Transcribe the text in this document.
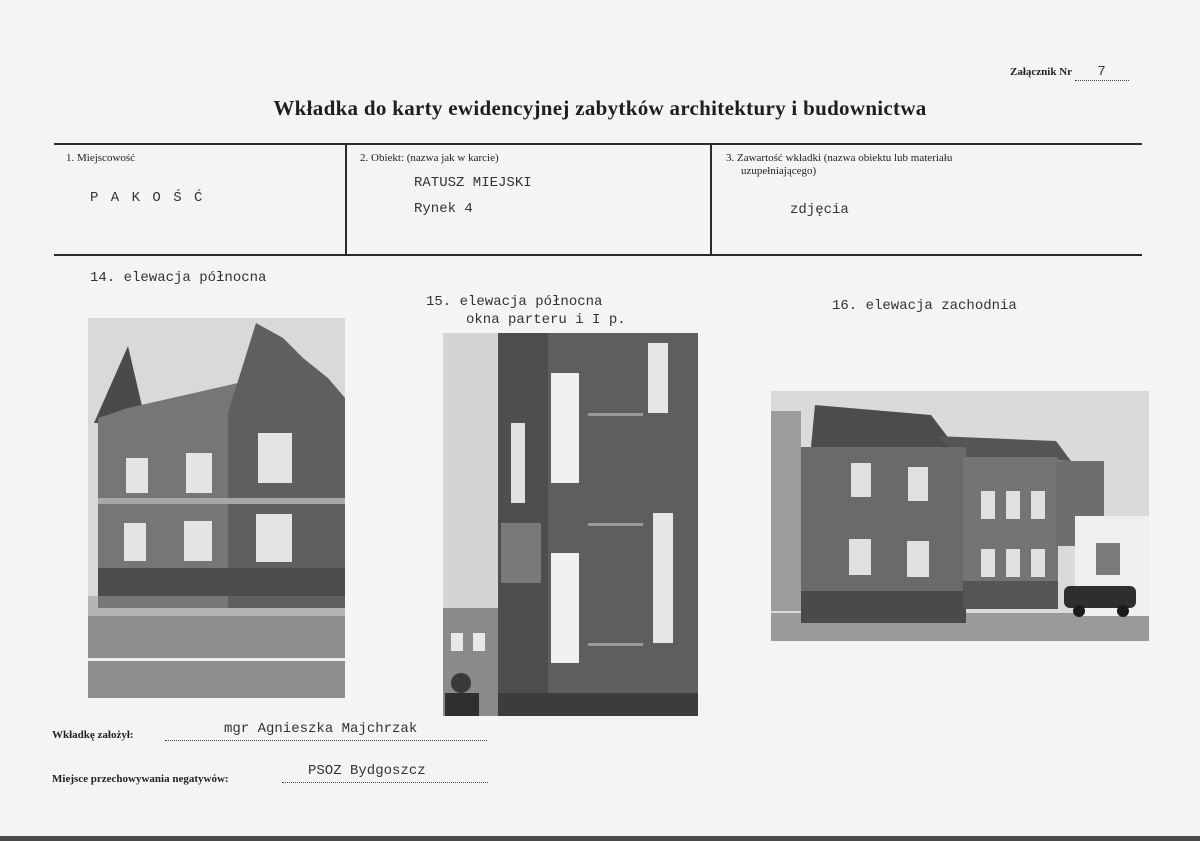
Załącznik Nr 7
Wkładka do karty ewidencyjnej zabytków architektury i budownictwa
1. Miejscowość
P A K O Ś Ć
2. Obiekt: (nazwa jak w karcie)
RATUSZ MIEJSKI
Rynek 4
3. Zawartość wkładki (nazwa obiektu lub materiału
uzupełniającego)
zdjęcia
14. elewacja północna
15. elewacja północna
okna parteru i I p.
16. elewacja zachodnia
Wkładkę założył:	mgr Agnieszka Majchrzak
Miejsce przechowywania negatywów:	PSOZ Bydgoszcz
